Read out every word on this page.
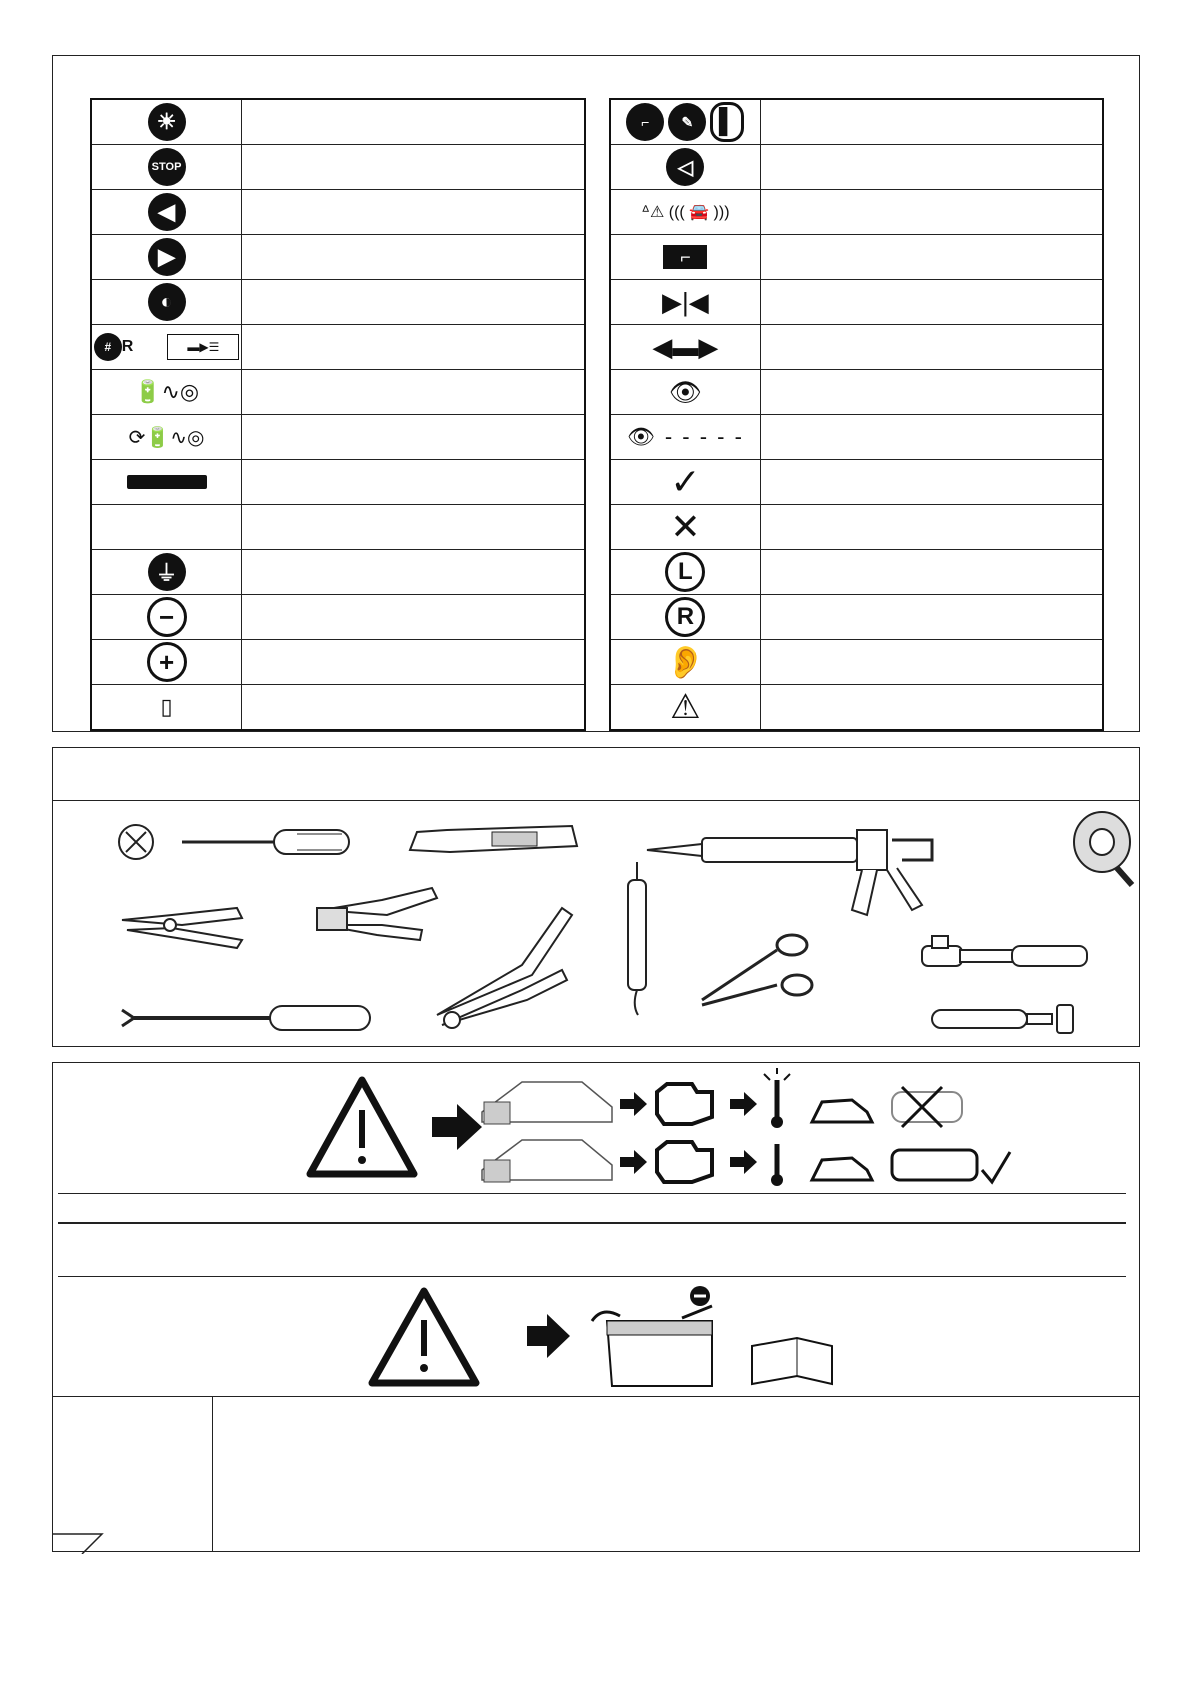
☀	
STOP	
◀	
▶	
◐	
# R ▬▶☰	
🔋∿◎	
⟳🔋∿◎	

⏚	
−	
+	
▯	
⌐ ✎ ▌	
◁	
ᐞ⚠ ((( 🚘 )))	
⌐	
▶|◀	
◀▬▶	
👁	
👁 - - - - -	
✓	
✕	
L	
R	
👂	
⚠	
